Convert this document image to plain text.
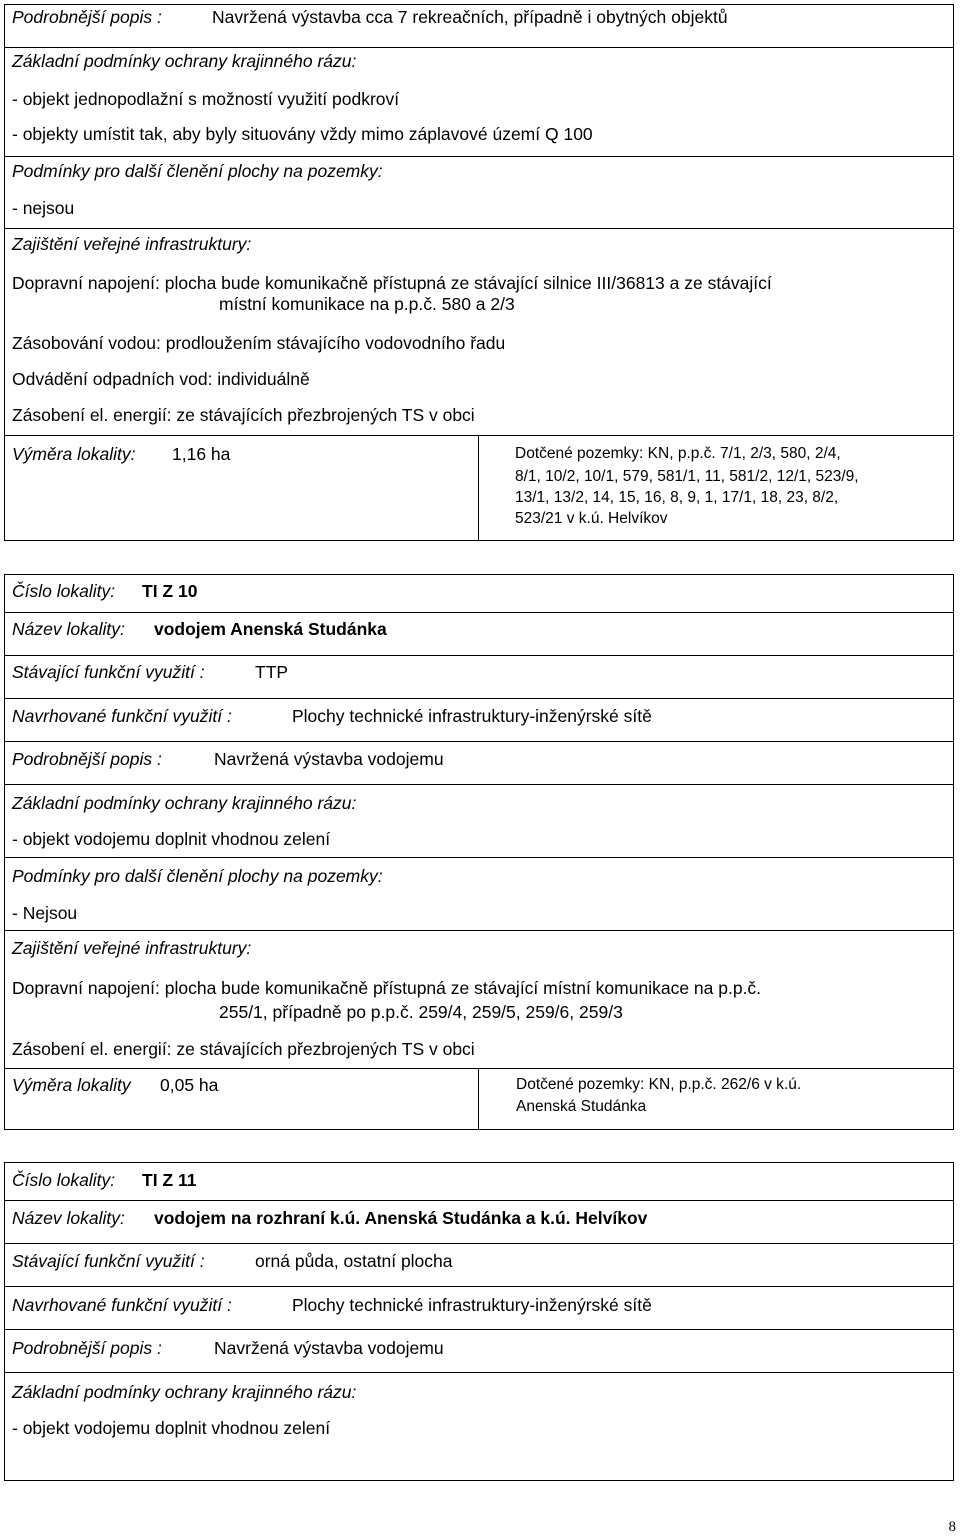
Podrobnější popis :	Navržená výstavba cca 7 rekreačních, případně i obytných objektů
Základní podmínky ochrany krajinného rázu:
- objekt jednopodlažní s možností využití podkroví
- objekty umístit tak, aby byly situovány vždy mimo záplavové území Q 100
Podmínky pro další členění plochy na pozemky:
- nejsou
Zajištění veřejné infrastruktury:
Dopravní napojení: plocha bude komunikačně přístupná ze stávající silnice III/36813 a ze stávající
místní komunikace na p.p.č. 580 a 2/3
Zásobování vodou: prodloužením stávajícího vodovodního řadu
Odvádění odpadních vod: individuálně
Zásobení el. energií: ze stávajících přezbrojených TS v obci
Výměra lokality: 1,16 ha	Dotčené pozemky: KN, p.p.č. 7/1, 2/3, 580, 2/4,
8/1, 10/2, 10/1, 579, 581/1, 11, 581/2, 12/1, 523/9,
13/1, 13/2, 14, 15, 16, 8, 9, 1, 17/1, 18, 23, 8/2,
523/21 v k.ú. Helvíkov
Číslo lokality: TI Z 10
Název lokality: vodojem Anenská Studánka
Stávající funkční využití :	TTP
Navrhované funkční využití :	Plochy technické infrastruktury-inženýrské sítě
Podrobnější popis :	Navržená výstavba vodojemu
Základní podmínky ochrany krajinného rázu:
- objekt vodojemu doplnit vhodnou zelení
Podmínky pro další členění plochy na pozemky:
- Nejsou
Zajištění veřejné infrastruktury:
Dopravní napojení: plocha bude komunikačně přístupná ze stávající místní komunikace na p.p.č.
255/1, případně po p.p.č. 259/4, 259/5, 259/6, 259/3
Zásobení el. energií: ze stávajících přezbrojených TS v obci
Výměra lokality 0,05 ha	Dotčené pozemky: KN, p.p.č. 262/6 v k.ú.
Anenská Studánka
Číslo lokality: TI Z 11
Název lokality: vodojem na rozhraní k.ú. Anenská Studánka a k.ú. Helvíkov
Stávající funkční využití :	orná půda, ostatní plocha
Navrhované funkční využití :	Plochy technické infrastruktury-inženýrské sítě
Podrobnější popis :	Navržená výstavba vodojemu
Základní podmínky ochrany krajinného rázu:
- objekt vodojemu doplnit vhodnou zelení
8
